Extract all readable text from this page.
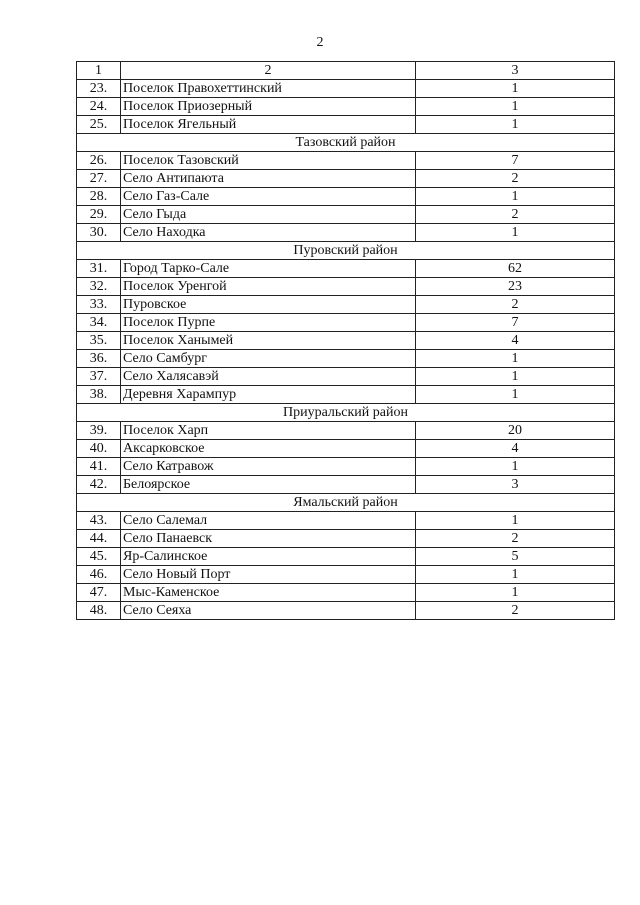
2
1	2	3
23.	Поселок Правохеттинский	1
24.	Поселок Приозерный	1
25.	Поселок Ягельный	1
Тазовский район		
26.	Поселок Тазовский	7
27.	Село Антипаюта	2
28.	Село Газ-Сале	1
29.	Село Гыда	2
30.	Село Находка	1
Пуровский район		
31.	Город Тарко-Сале	62
32.	Поселок Уренгой	23
33.	Пуровское	2
34.	Поселок Пурпе	7
35.	Поселок Ханымей	4
36.	Село Самбург	1
37.	Село Халясавэй	1
38.	Деревня Харампур	1
Приуральский район		
39.	Поселок Харп	20
40.	Аксарковское	4
41.	Село Катравож	1
42.	Белоярское	3
Ямальский район		
43.	Село Салемал	1
44.	Село Панаевск	2
45.	Яр-Салинское	5
46.	Село Новый Порт	1
47.	Мыс-Каменское	1
48.	Село Сеяха	2
